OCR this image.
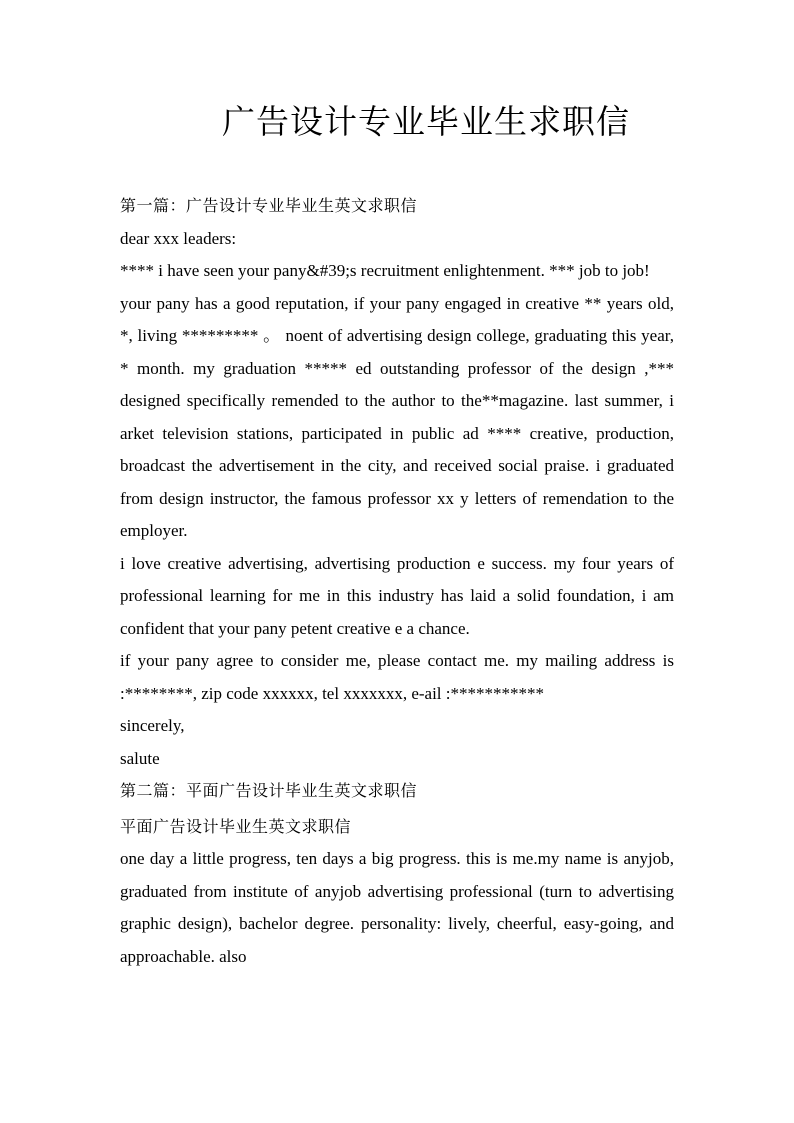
广告设计专业毕业生求职信

第一篇：广告设计专业毕业生英文求职信

dear xxx leaders:

**** i have seen your pany&#39;s recruitment enlightenment. *** job to job!

your pany has a good reputation, if your pany engaged in creative ** years old, *, living ********* 。 noent of advertising design college, graduating this year, * month. my graduation ***** ed outstanding professor of the design ,*** designed specifically remended to the author to the**magazine. last summer, i arket television stations, participated in public ad **** creative, production, broadcast the advertisement in the city, and received social praise. i graduated from design instructor, the famous professor xx y letters of remendation to the employer.

i love creative advertising, advertising production e success. my four years of professional learning for me in this industry has laid a solid foundation, i am confident that your pany petent creative e a chance.

if your pany agree to consider me, please contact me. my mailing address is :********, zip code xxxxxx, tel xxxxxxx, e-ail :***********

sincerely,

salute

第二篇：平面广告设计毕业生英文求职信

平面广告设计毕业生英文求职信

one day a little progress, ten days a big progress. this is me.my name is anyjob, graduated from institute of anyjob advertising professional (turn to advertising graphic design), bachelor degree. personality: lively, cheerful, easy-going, and approachable. also
